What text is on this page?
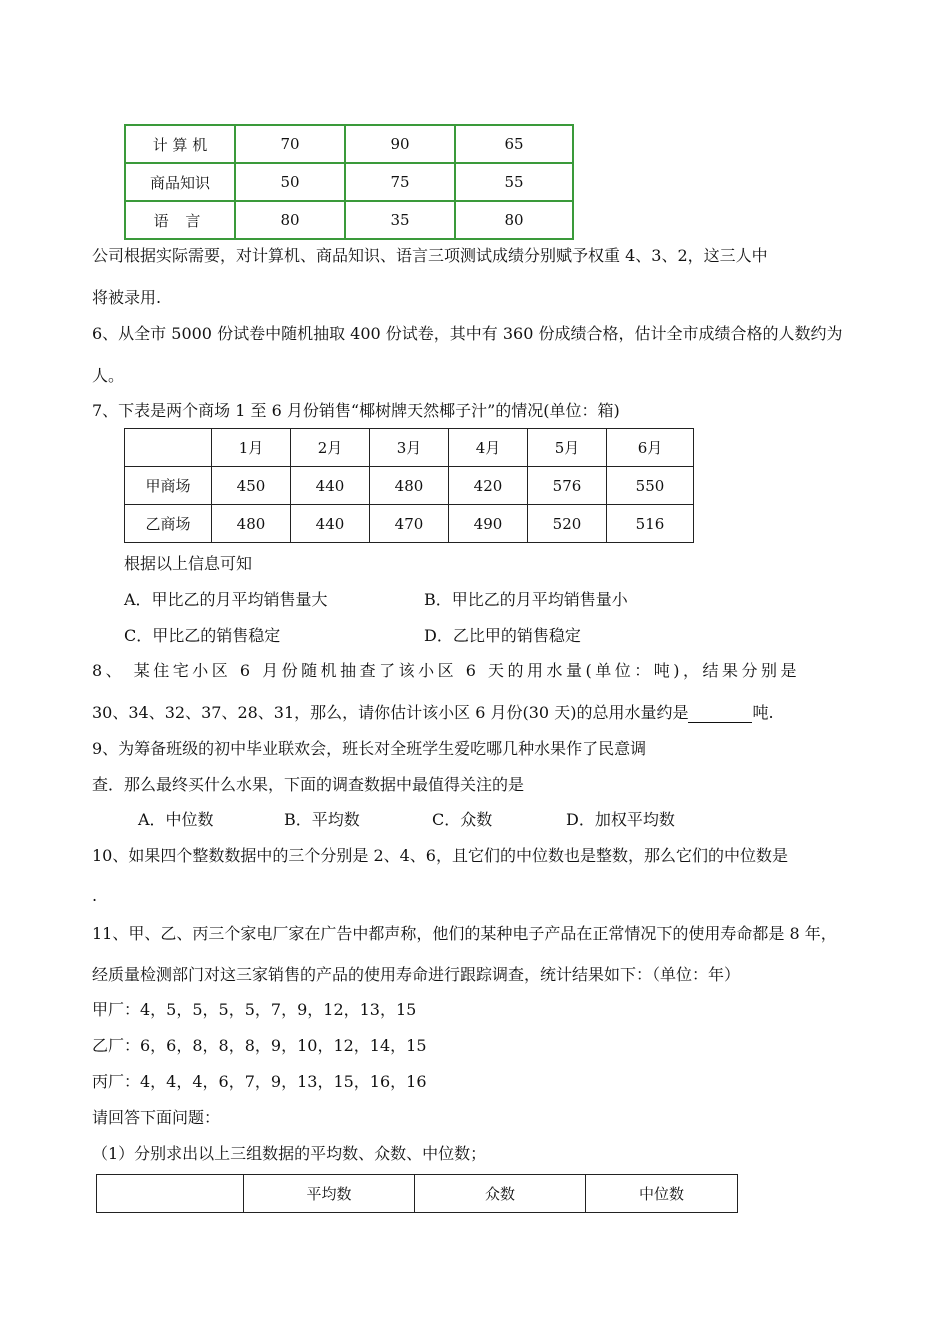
计 算 机	70	90	65
商品知识	50	75	55
语 言	80	35	80
公司根据实际需要，对计算机、商品知识、语言三项测试成绩分别赋予权重 4、3、2，这三人中
将被录用.
6、从全市 5000 份试卷中随机抽取 400 份试卷，其中有 360 份成绩合格，估计全市成绩合格的人数约为
人。
7、下表是两个商场 1 至 6 月份销售“椰树牌天然椰子汁”的情况(单位：箱)
	1月	2月	3月	4月	5月	6月
甲商场	450	440	480	420	576	550
乙商场	480	440	470	490	520	516
根据以上信息可知
A．甲比乙的月平均销售量大	B．甲比乙的月平均销售量小
C．甲比乙的销售稳定	D．乙比甲的销售稳定
8、 某住宅小区 6 月份随机抽查了该小区 6 天的用水量(单位：吨)，结果分别是
30、34、32、37、28、31，那么，请你估计该小区 6 月份(30 天)的总用水量约是	吨.
9、为筹备班级的初中毕业联欢会，班长对全班学生爱吃哪几种水果作了民意调
查．那么最终买什么水果，下面的调查数据中最值得关注的是
A．中位数	B．平均数	C．众数	D．加权平均数
10、如果四个整数数据中的三个分别是 2、4、6，且它们的中位数也是整数，那么它们的中位数是
.
11、甲、乙、丙三个家电厂家在广告中都声称，他们的某种电子产品在正常情况下的使用寿命都是 8 年，
经质量检测部门对这三家销售的产品的使用寿命进行跟踪调查，统计结果如下：（单位：年）
甲厂：4，5，5，5，5，7，9，12，13，15
乙厂：6，6，8，8，8，9，10，12，14，15
丙厂：4，4，4，6，7，9，13，15，16，16
请回答下面问题：
（1）分别求出以上三组数据的平均数、众数、中位数；
	平均数	众数	中位数
